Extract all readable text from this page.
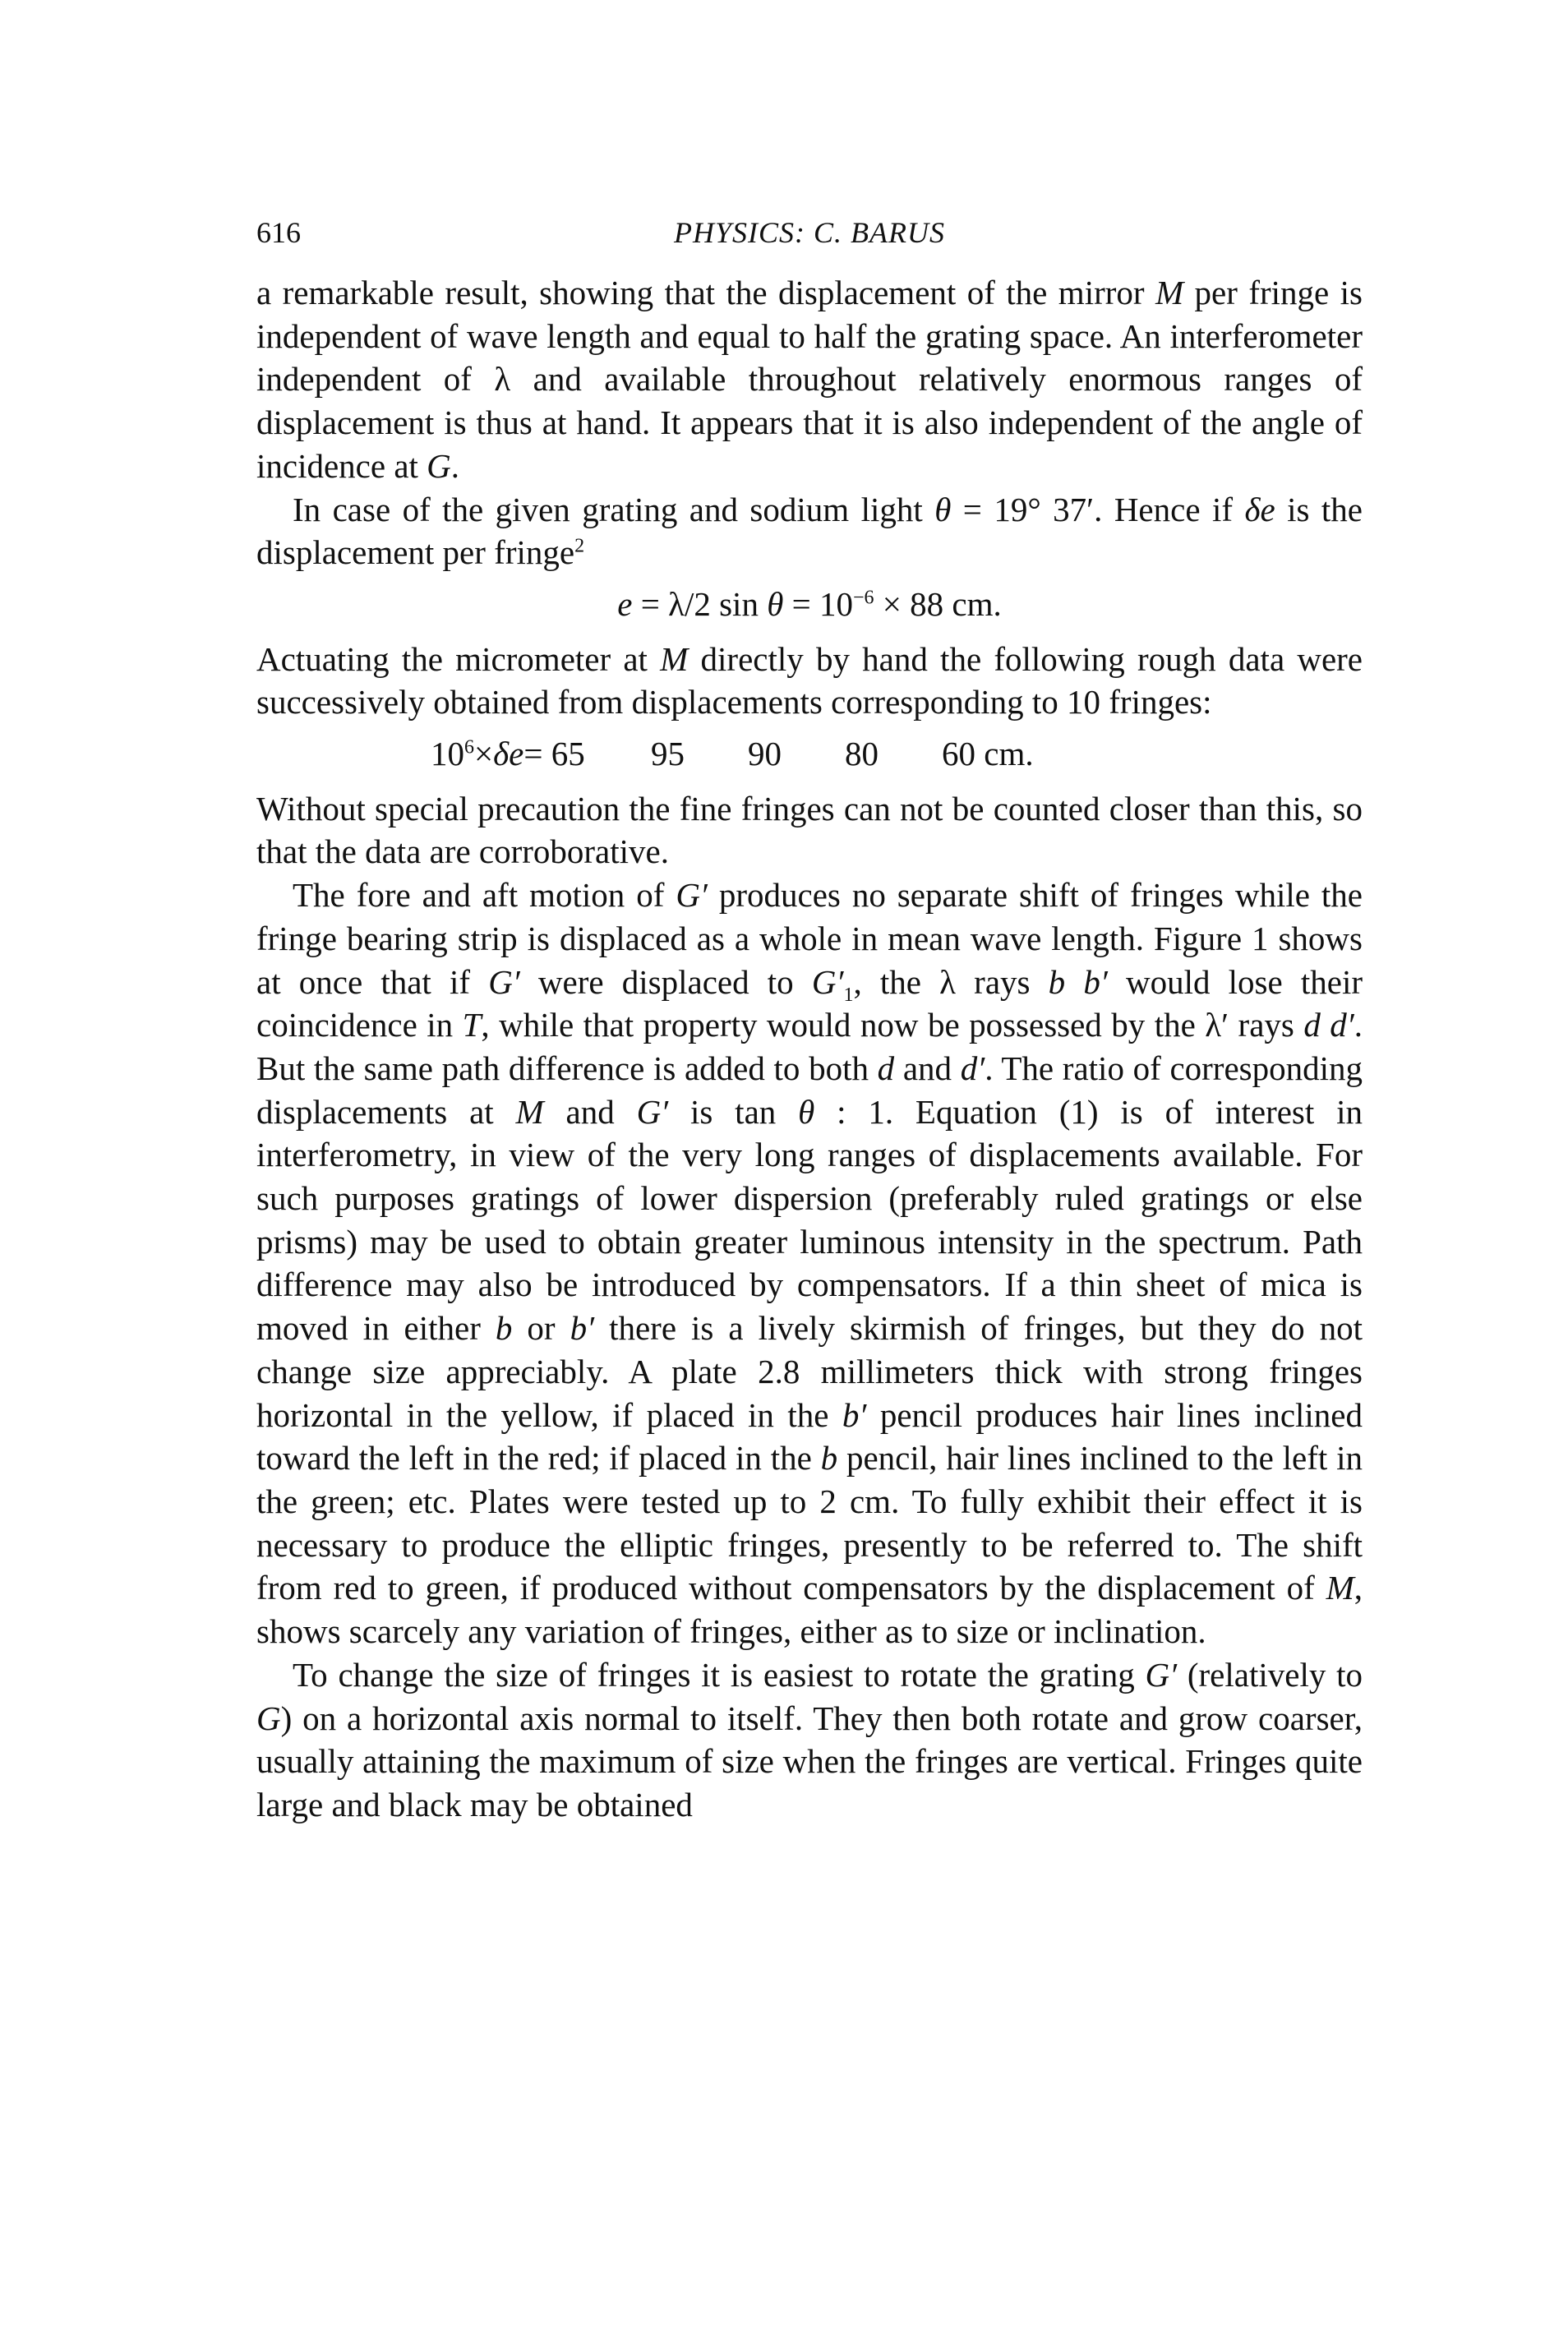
616	PHYSICS: C. BARUS

a remarkable result, showing that the displacement of the mirror M per fringe is independent of wave length and equal to half the grating space. An interferometer independent of λ and available throughout relatively enormous ranges of displacement is thus at hand. It appears that it is also independent of the angle of incidence at G.

In case of the given grating and sodium light θ = 19° 37′. Hence if δe is the displacement per fringe$^2$

e = λ/2 $\sin \theta = 10^{-6} \times 88$ cm.

Actuating the micrometer at M directly by hand the following rough data were successively obtained from displacements corresponding to 10 fringes:

$10^6\times\delta e= 65$	95	90	80	60 cm.

Without special precaution the fine fringes can not be counted closer than this, so that the data are corroborative.

The fore and aft motion of G′ produces no separate shift of fringes while the fringe bearing strip is displaced as a whole in mean wave length. Figure 1 shows at once that if G′ were displaced to $G'_1$, the λ rays b b′ would lose their coincidence in T, while that property would now be possessed by the λ′ rays d d′. But the same path difference is added to both d and d′. The ratio of corresponding displacements at M and G′ is tan θ : 1. Equation (1) is of interest in interferometry, in view of the very long ranges of displacements available. For such purposes gratings of lower dispersion (preferably ruled gratings or else prisms) may be used to obtain greater luminous intensity in the spectrum. Path difference may also be introduced by compensators. If a thin sheet of mica is moved in either b or b′ there is a lively skirmish of fringes, but they do not change size appreciably. A plate 2.8 millimeters thick with strong fringes horizontal in the yellow, if placed in the b′ pencil produces hair lines inclined toward the left in the red; if placed in the b pencil, hair lines inclined to the left in the green; etc. Plates were tested up to 2 cm. To fully exhibit their effect it is necessary to produce the elliptic fringes, presently to be referred to. The shift from red to green, if produced without compensators by the displacement of M, shows scarcely any variation of fringes, either as to size or inclination.

To change the size of fringes it is easiest to rotate the grating G′ (relatively to G) on a horizontal axis normal to itself. They then both rotate and grow coarser, usually attaining the maximum of size when the fringes are vertical. Fringes quite large and black may be obtained
